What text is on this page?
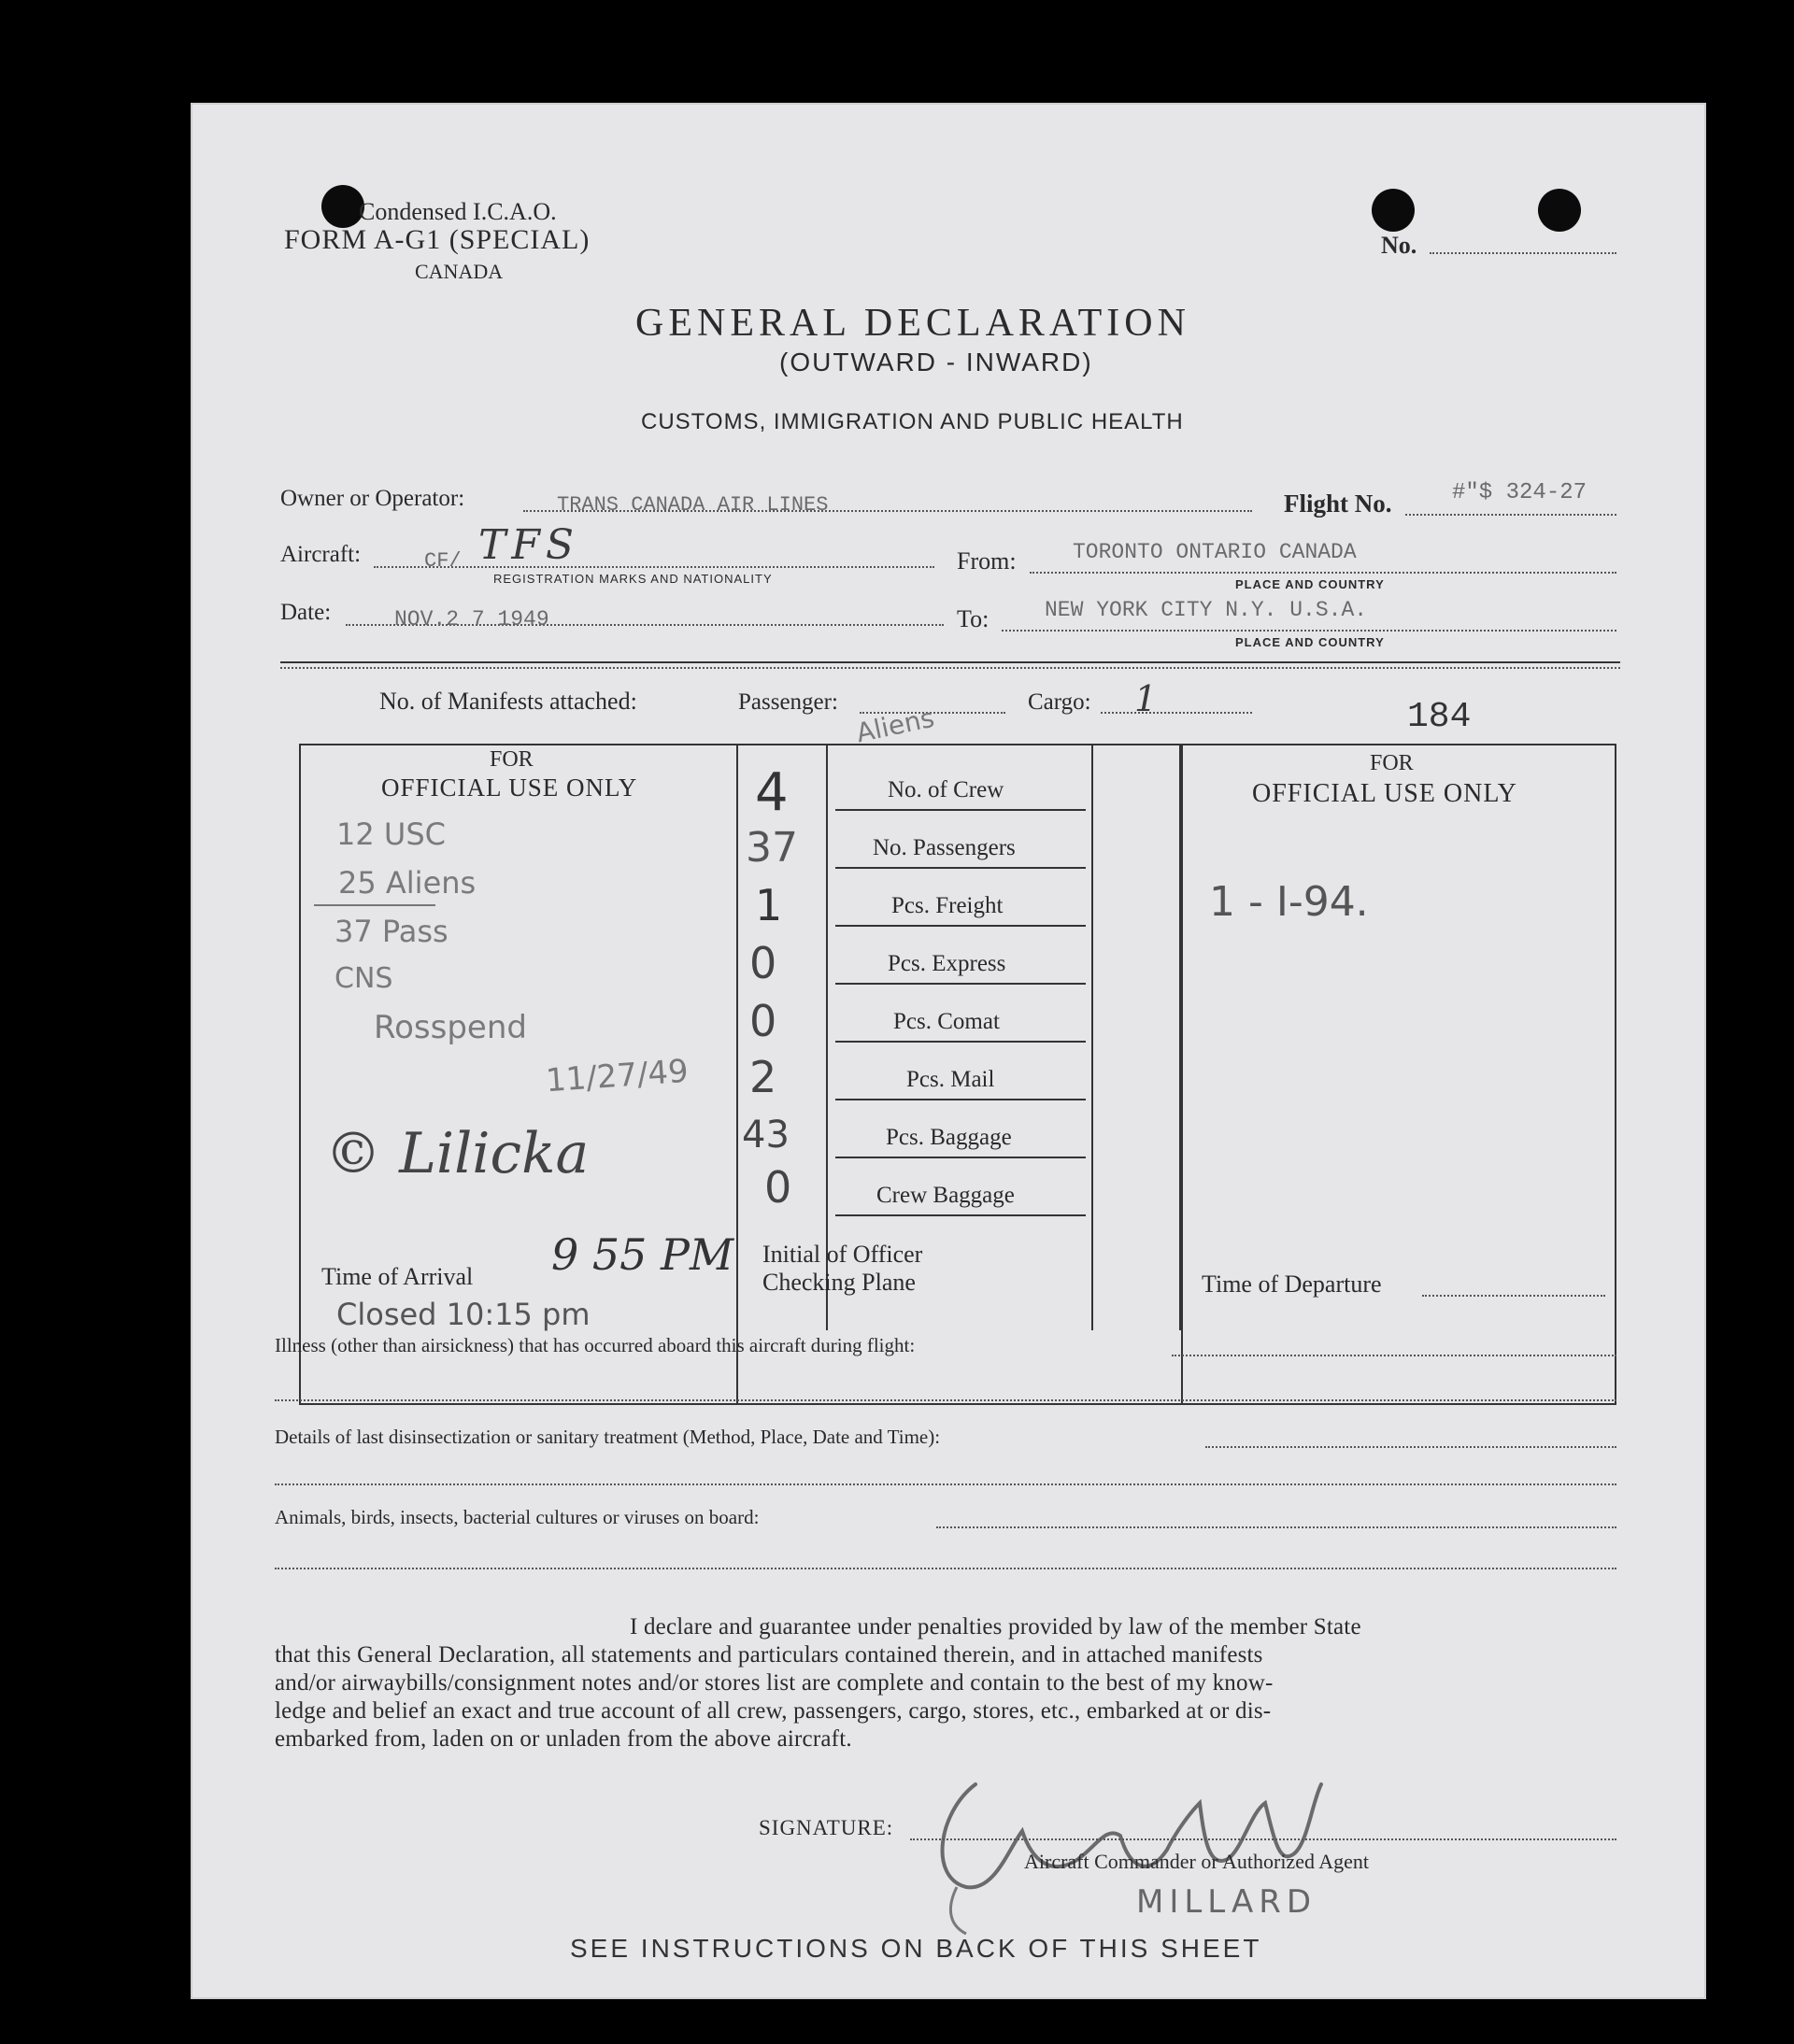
Condensed I.C.A.O.
FORM A-G1 (SPECIAL)
CANADA
No.
GENERAL DECLARATION
(OUTWARD - INWARD)
CUSTOMS, IMMIGRATION AND PUBLIC HEALTH
Owner or Operator:	TRANS CANADA AIR LINES	Flight No.	#"$ 324-27
Aircraft:	CF/ TFS
REGISTRATION MARKS AND NATIONALITY
From:	TORONTO ONTARIO CANADA
PLACE AND COUNTRY
Date:	NOV.2 7 1949	To:	NEW YORK CITY N.Y. U.S.A.
PLACE AND COUNTRY
No. of Manifests attached:	Passenger:
Aliens
Cargo: 1	184
FOR
OFFICIAL USE ONLY
12 USC
25 Aliens
37 Pass
CNS
Rosspend
11/27/49
© Lilicka
Time of Arrival 9 55 PM
Closed 10:15 pm
4	No. of Crew
37	No. Passengers
1	Pcs. Freight
0	Pcs. Express
0	Pcs. Comat
2	Pcs. Mail
43	Pcs. Baggage
0	Crew Baggage
Initial of Officer
Checking Plane
FOR
OFFICIAL USE ONLY
1 - I-94.
Time of Departure
Illness (other than airsickness) that has occurred aboard this aircraft during flight:
Details of last disinsectization or sanitary treatment (Method, Place, Date and Time):
Animals, birds, insects, bacterial cultures or viruses on board:
I declare and guarantee under penalties provided by law of the member State
that this General Declaration, all statements and particulars contained therein, and in attached manifests
and/or airwaybills/consignment notes and/or stores list are complete and contain to the best of my know-
ledge and belief an exact and true account of all crew, passengers, cargo, stores, etc., embarked at or dis-
embarked from, laden on or unladen from the above aircraft.
SIGNATURE:
Aircraft Commander or Authorized Agent
MILLARD
SEE INSTRUCTIONS ON BACK OF THIS SHEET
